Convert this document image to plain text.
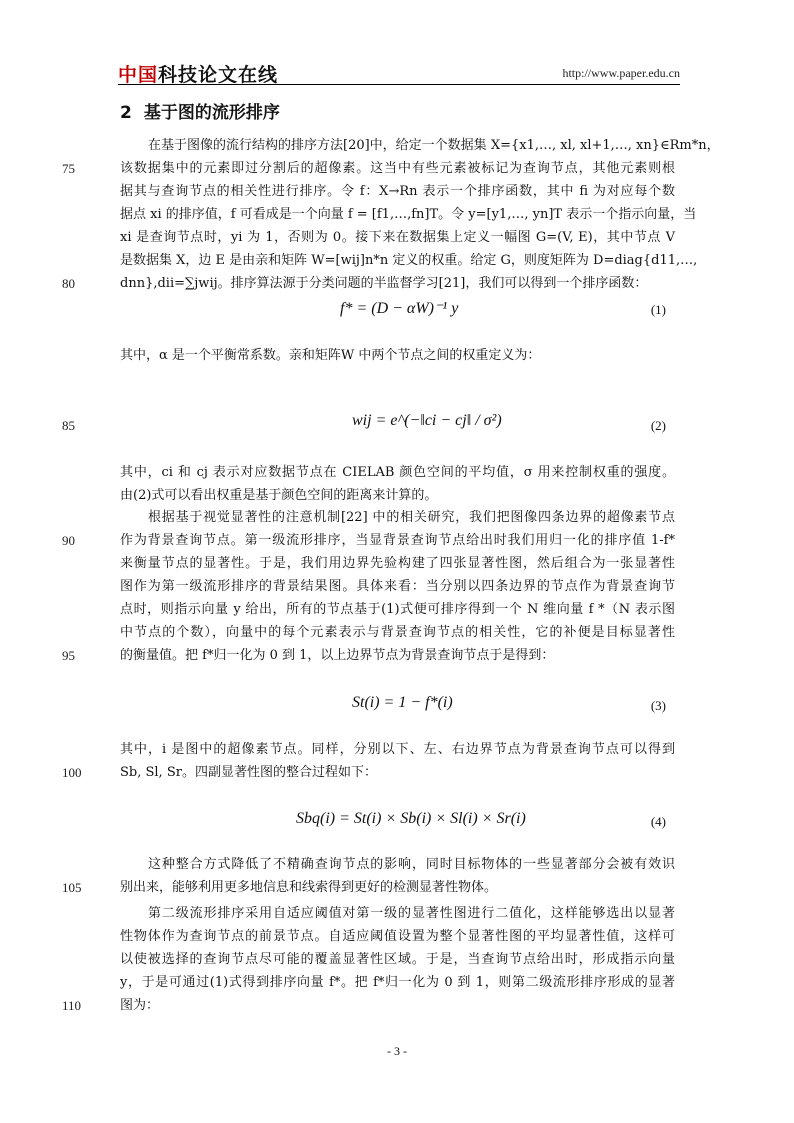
中国科技论文在线	http://www.paper.edu.cn
2 基于图的流形排序
75
80
85
90
95
100
105
110
在基于图像的流行结构的排序方法[20]中，给定一个数据集 X={x1,…, xl, xl+1,…, xn}∈Rm*n，
该数据集中的元素即过分割后的超像素。这当中有些元素被标记为查询节点，其他元素则根
据其与查询节点的相关性进行排序。令 f：X→Rn 表示一个排序函数，其中 fi 为对应每个数
据点 xi 的排序值，f 可看成是一个向量 f = [f1,…,fn]T。令 y=[y1,…, yn]T 表示一个指示向量，当
xi 是查询节点时，yi 为 1，否则为 0。接下来在数据集上定义一幅图 G=(V, E)，其中节点 V
是数据集 X，边 E 是由亲和矩阵 W=[wij]n*n 定义的权重。给定 G，则度矩阵为 D=diag{d11,…,
dnn},dii=∑jwij。排序算法源于分类问题的半监督学习[21]，我们可以得到一个排序函数：
f* = (D − αW)⁻¹ y	(1)
其中，α 是一个平衡常系数。亲和矩阵W 中两个节点之间的权重定义为：
wij = e^(−‖ci − cj‖ / σ²)	(2)
其中，ci 和 cj 表示对应数据节点在 CIELAB 颜色空间的平均值，σ 用来控制权重的强度。
由(2)式可以看出权重是基于颜色空间的距离来计算的。
根据基于视觉显著性的注意机制[22] 中的相关研究，我们把图像四条边界的超像素节点
作为背景查询节点。第一级流形排序，当显背景查询节点给出时我们用归一化的排序值 1-f*
来衡量节点的显著性。于是，我们用边界先验构建了四张显著性图，然后组合为一张显著性
图作为第一级流形排序的背景结果图。具体来看：当分别以四条边界的节点作为背景查询节
点时，则指示向量 y 给出，所有的节点基于(1)式便可排序得到一个 N 维向量 f *（N 表示图
中节点的个数），向量中的每个元素表示与背景查询节点的相关性，它的补便是目标显著性
的衡量值。把 f*归一化为 0 到 1，以上边界节点为背景查询节点于是得到：
St(i) = 1 − f*(i)	(3)
其中，i 是图中的超像素节点。同样，分别以下、左、右边界节点为背景查询节点可以得到
Sb, Sl, Sr。四副显著性图的整合过程如下：
Sbq(i) = St(i) × Sb(i) × Sl(i) × Sr(i)	(4)
这种整合方式降低了不精确查询节点的影响，同时目标物体的一些显著部分会被有效识
别出来，能够利用更多地信息和线索得到更好的检测显著性物体。
第二级流形排序采用自适应阈值对第一级的显著性图进行二值化，这样能够选出以显著
性物体作为查询节点的前景节点。自适应阈值设置为整个显著性图的平均显著性值，这样可
以使被选择的查询节点尽可能的覆盖显著性区域。于是，当查询节点给出时，形成指示向量
y，于是可通过(1)式得到排序向量 f*。把 f*归一化为 0 到 1，则第二级流形排序形成的显著
图为：
- 3 -
